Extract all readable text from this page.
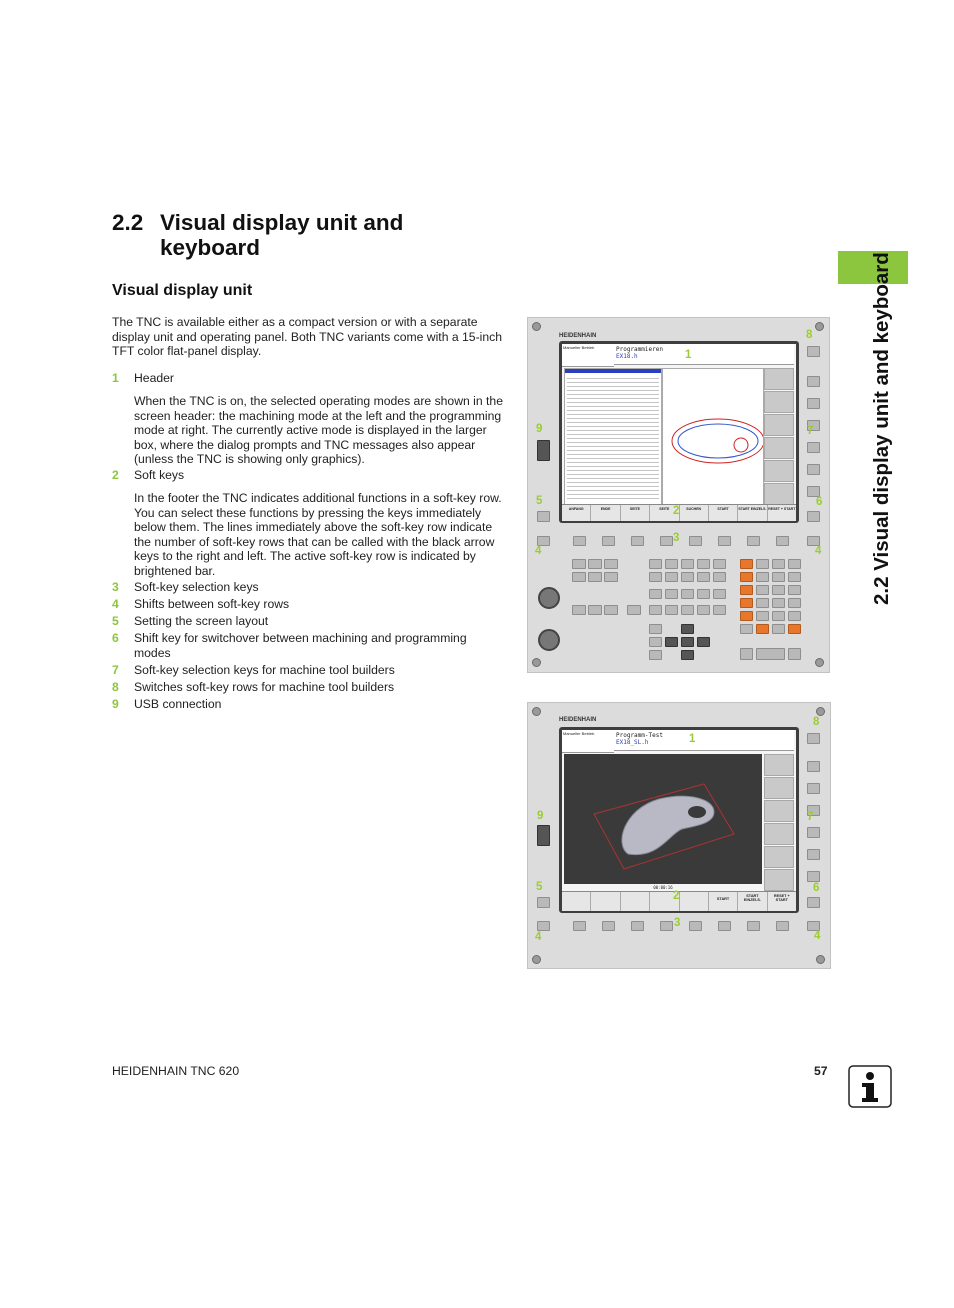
2.2 Visual display unit and
keyboard
Visual display unit
The TNC is available either as a compact version or with a separate display unit and operating panel. Both TNC variants come with a 15-inch TFT color flat-panel display.
1 Header
When the TNC is on, the selected operating modes are shown in the screen header: the machining mode at the left and the programming mode at right. The currently active mode is displayed in the larger box, where the dialog prompts and TNC messages also appear (unless the TNC is showing only graphics).
2 Soft keys
In the footer the TNC indicates additional functions in a soft-key row. You can select these functions by pressing the keys immediately below them. The lines immediately above the soft-key row indicate the number of soft-key rows that can be called with the black arrow keys to the right and left. The active soft-key row is indicated by brightened bar.
3 Soft-key selection keys
4 Shifts between soft-key rows
5 Setting the screen layout
6 Shift key for switchover between machining and programming modes
7 Soft-key selection keys for machine tool builders
8 Switches soft-key rows for machine tool builders
9 USB connection
2.2 Visual display unit and keyboard
HEIDENHAIN
Manueller Betrieb	Programmieren
EX18.h
ANFANG	ENDE	SEITE	SEITE	SUCHEN	START	START EINZELS. RESET + START
8
1
9	7
5
2
6
4
3
4
HEIDENHAIN
Manueller Betrieb	Programm-Test
EX18_SL.h
00:00:16
START
START EINZELS.
RESET + START
8
1
9	7
5
2
6
4
3
4
HEIDENHAIN TNC 620	57
